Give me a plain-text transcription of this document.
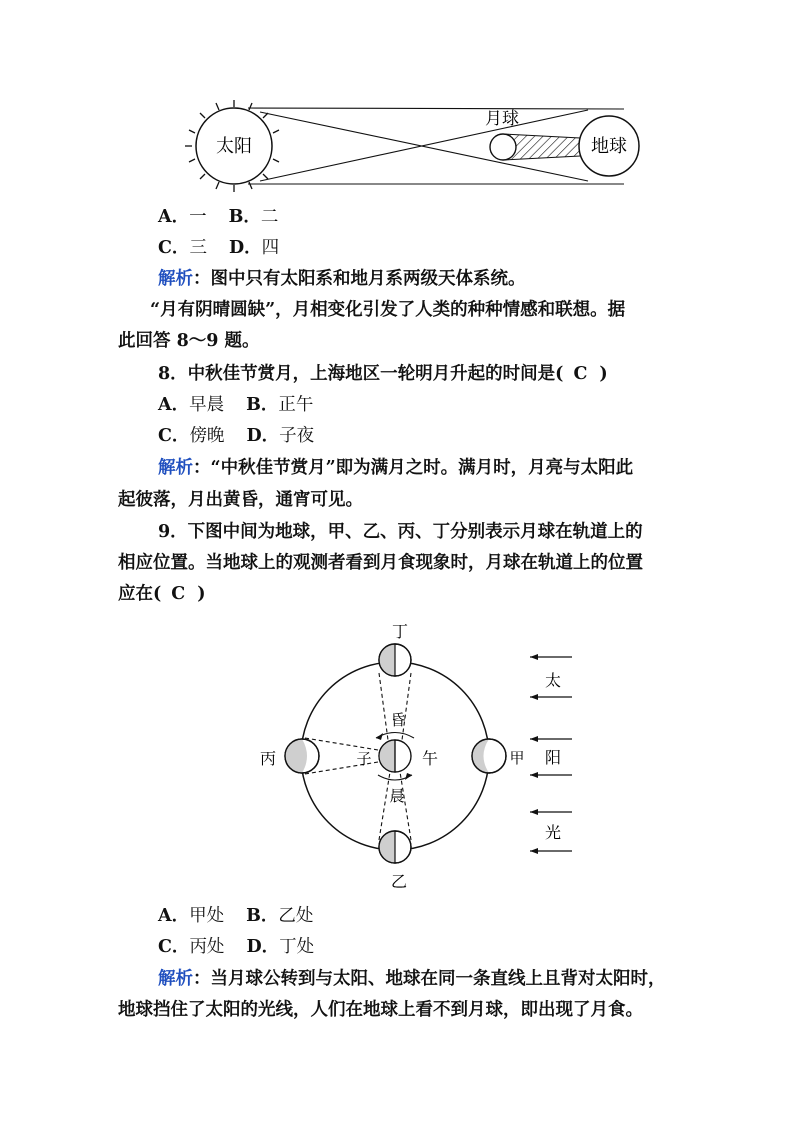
太阳
月球
地球
A．一 B．二
C．三 D．四
解析：图中只有太阳系和地月系两级天体系统。
“月有阴晴圆缺”，月相变化引发了人类的种种情感和联想。据
此回答 8～9 题。
8．中秋佳节赏月，上海地区一轮明月升起的时间是( C )
A．早晨 B．正午
C．傍晚 D．子夜
解析：“中秋佳节赏月”即为满月之时。满月时，月亮与太阳此
起彼落，月出黄昏，通宵可见。
9．下图中间为地球，甲、乙、丙、丁分别表示月球在轨道上的
相应位置。当地球上的观测者看到月食现象时，月球在轨道上的位置
应在( C )
丁
乙
丙	甲
昏
晨
午
子
太
阳
光
A．甲处 B．乙处
C．丙处 D．丁处
解析：当月球公转到与太阳、地球在同一条直线上且背对太阳时，
地球挡住了太阳的光线，人们在地球上看不到月球，即出现了月食。
